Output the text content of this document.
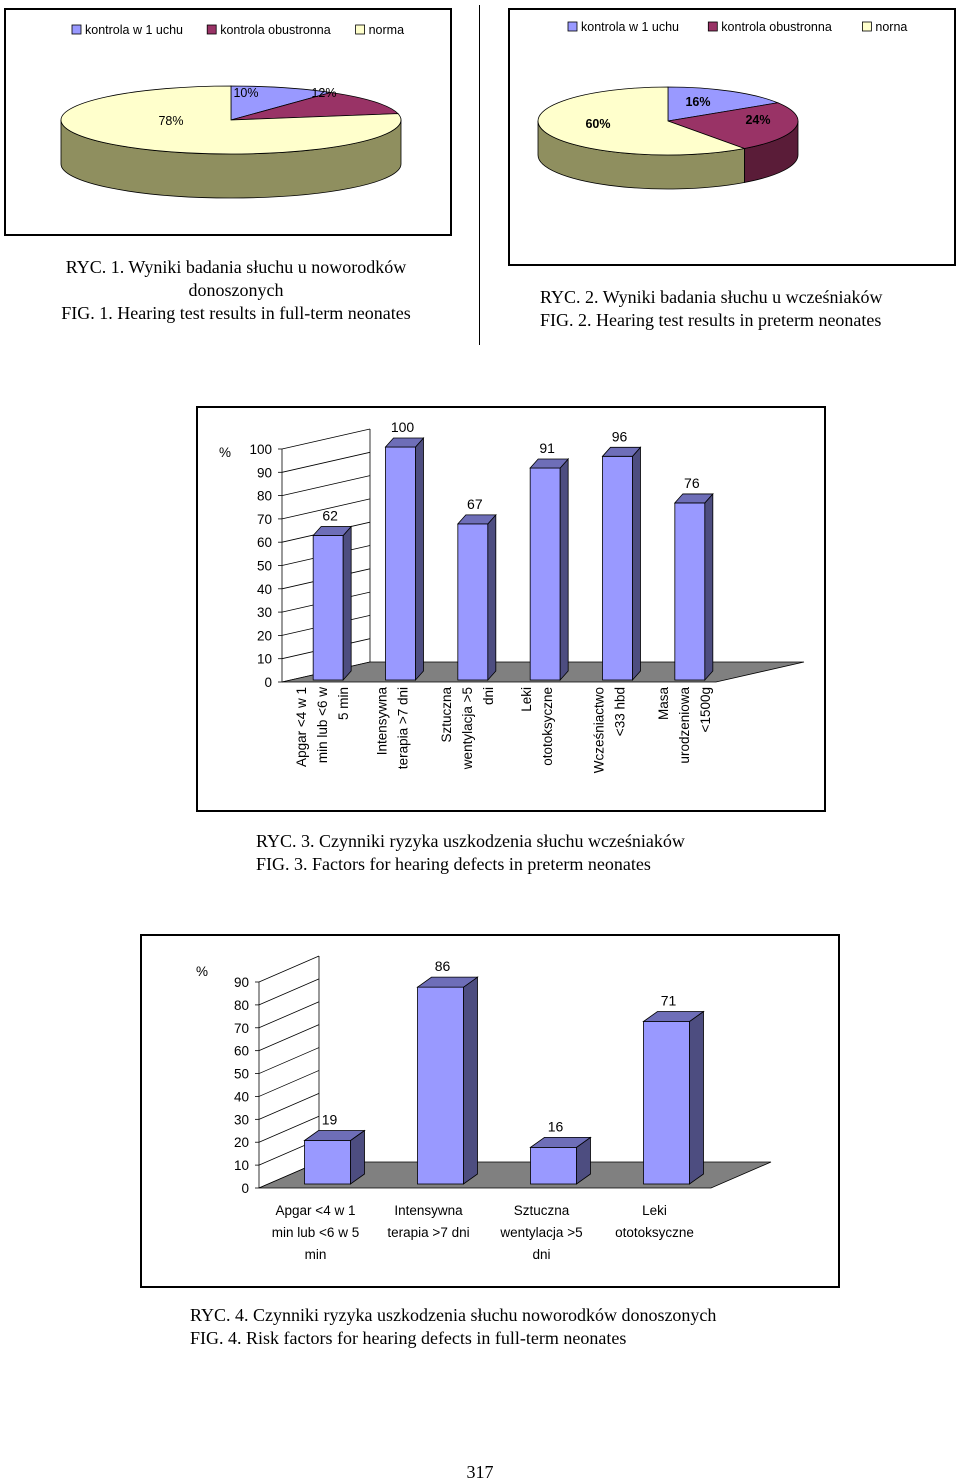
kontrola w 1 uchu	kontrola obustronna	norma
10%	12%
78%
RYC. 1. Wyniki badania słuchu u noworodków
donoszonych
FIG. 1. Hearing test results in full-term neonates
kontrola w 1 uchu	kontrola obustronna	norna
16%
24%
60%
RYC. 2. Wyniki badania słuchu u wcześniaków
FIG. 2. Hearing test results in preterm neonates
0
10
20
30
40
50
60
70
80
90
100
%
62
Apgar <4 w 1 min lub <6 w 5 min
100
Intensywna terapia >7 dni
67
Sztuczna wentylacja >5 dni
91
Leki ototoksyczne
96
Wcześniactwo <33 hbd
76
Masa urodzeniowa <1500g
RYC. 3. Czynniki ryzyka uszkodzenia słuchu wcześniaków
FIG. 3. Factors for hearing defects in preterm neonates
0
10
20
30
40
50
60
70
80
90
%
19
Apgar <4 w 1 min lub <6 w 5 min
86
Intensywna terapia >7 dni
16
Sztuczna wentylacja >5 dni
71
Leki ototoksyczne
RYC. 4. Czynniki ryzyka uszkodzenia słuchu noworodków donoszonych
FIG. 4. Risk factors for hearing defects in full-term neonates
317
